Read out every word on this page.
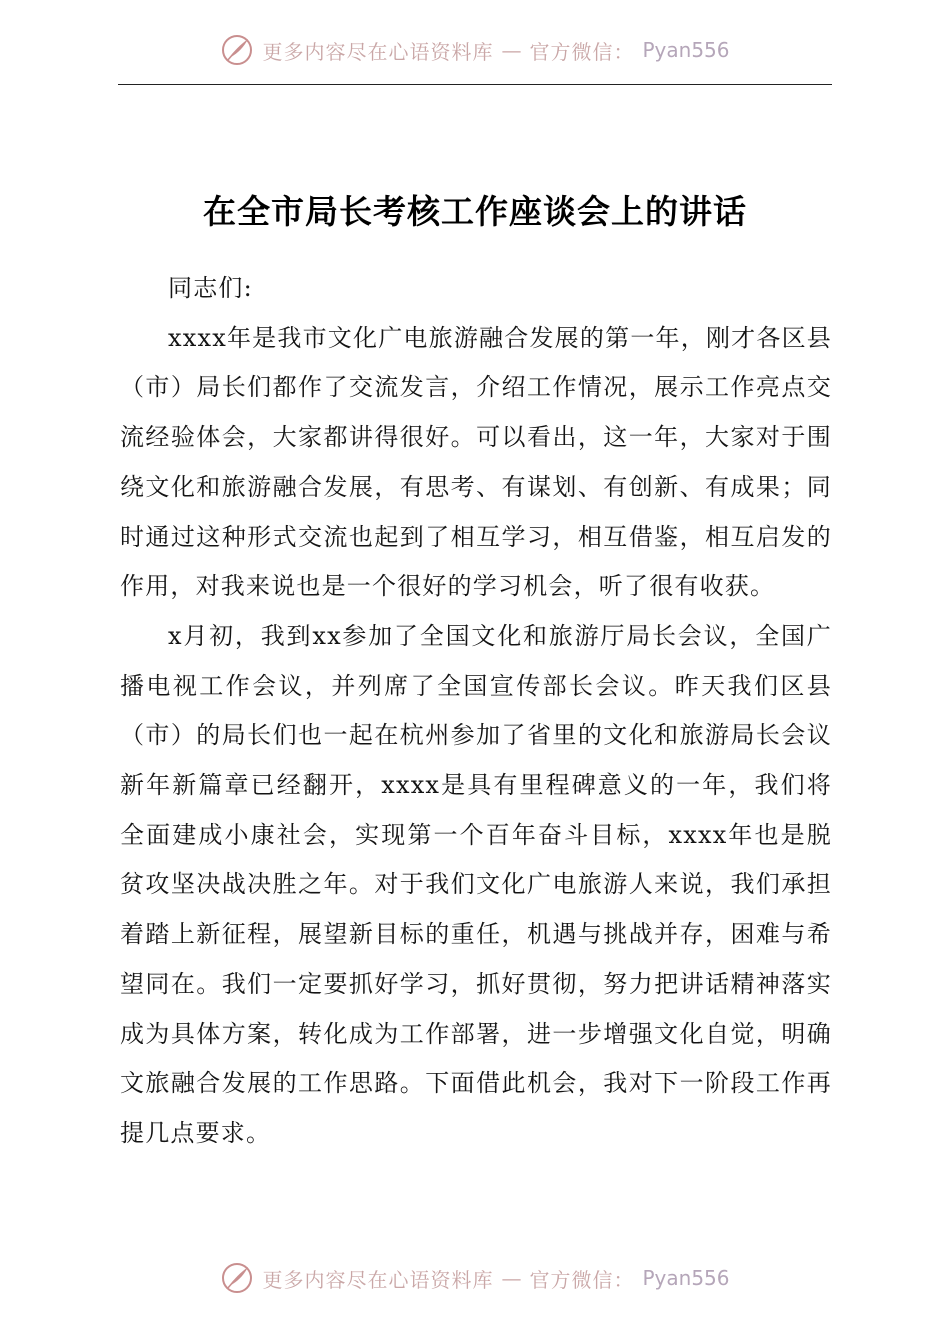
更多内容尽在心语资料库 — 官方微信： Pyan556
在全市局长考核工作座谈会上的讲话

同志们:

xxxx年是我市文化广电旅游融合发展的第一年，刚才各区县（市）局长们都作了交流发言，介绍工作情况，展示工作亮点交流经验体会，大家都讲得很好。可以看出，这一年，大家对于围绕文化和旅游融合发展，有思考、有谋划、有创新、有成果；同时通过这种形式交流也起到了相互学习，相互借鉴，相互启发的作用，对我来说也是一个很好的学习机会，听了很有收获。

x月初，我到xx参加了全国文化和旅游厅局长会议，全国广播电视工作会议，并列席了全国宣传部长会议。昨天我们区县（市）的局长们也一起在杭州参加了省里的文化和旅游局长会议新年新篇章已经翻开，xxxx是具有里程碑意义的一年，我们将全面建成小康社会，实现第一个百年奋斗目标，xxxx年也是脱贫攻坚决战决胜之年。对于我们文化广电旅游人来说，我们承担着踏上新征程，展望新目标的重任，机遇与挑战并存，困难与希望同在。我们一定要抓好学习，抓好贯彻，努力把讲话精神落实成为具体方案，转化成为工作部署，进一步增强文化自觉，明确文旅融合发展的工作思路。下面借此机会，我对下一阶段工作再提几点要求。

更多内容尽在心语资料库 — 官方微信： Pyan556
